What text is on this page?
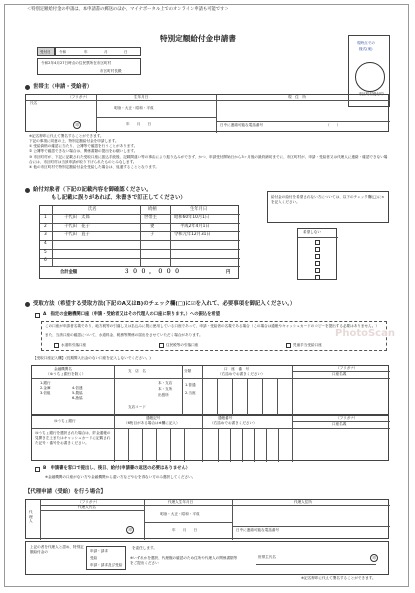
＜特別定額給付金の申請は、本申請書の郵送のほか、マイナポータル上でのオンライン申請も可能です＞
現時点での
様式(案)
市区町村受付印
特別定額給付金申請書
受付日 令和	年	月	日
令和2年4月27日時点の住民票所在市区町村
市区町村長殿
世帯主（申請・受給者）
（フリガナ）	生年月日	現　住　所
氏名
明治・大正・昭和・平成
年　　月　　日
印	日中に連絡可能な電話番号	（　　）
※記名押印に代えて署名することができます。
下記の事項に同意の上、特別定額給付金を申請します。
① 受給資格の確認に当たり、公簿等で確認を行うことがあります。
② 公簿等で確認できない場合は、関係書類の提出をお願いします。
③ 市区町村が、下記に記載された受取口座に振込手続後、記載間違い等の事由により振り込みができず、かつ、申請受付開始日から3ヶ月後の最終締切までに、市区町村が、申請・受給者又は代理人に連絡・確認できない場合には、市区町村は当該申請が取り下げられたものとみなします。
④ 他の市区町村で特別定額給付金を受給した場合は、返還することとなります。
給付対象者（下記の記載内容を御確認ください。
もし記載に誤りがあれば、朱書きで訂正してください）
氏名	続柄	生年月日
1	千代田　太郎	世帯主	昭和60年10月1日
2	千代田　花子	妻	平成2年4月1日
3	千代田　直子	子	令和元年12月31日
4
5
6
合計金額	３００，０００	円
給付金の給付を希望されない方については、以下のチェック欄(□)に×を記入ください。
希望しない
受取方法（希望する受取方法(下記のA又はB)のチェック欄(□)に☑を入れて、必要事項を御記入ください。）
A　指定の金融機関口座（申請・受給者又はその代理人の口座に限ります。）への振込を希望
この口座が申請者名義であり、地方税等の引落し又は払込みに既に使用している口座であって、申請・受給者の名義である場合（この場合は通帳やキャッシュカードのコピーを提出する必要はありません。）
また、当該口座の確認について、水道料金、税務等関係の届出をさせていただく場合があります。
水道料引落口座	住民税等の引落口座	児童手当受給口座
【受取口座記入欄】(長期間入出金のない口座を記入しないでください。)
金融機関名
（ゆうちょ銀行を除く）
支　店　名	分類	口　座　番　号
（右詰めでお書きください）
（フリガナ）
口座名義
1.銀行
2.金庫
3.信組
4.信連
5.農協
6.漁協
本・支店
本・支所
出張所
支店コード
1.普通
2.当座
ゆうちょ銀行
ゆうちょ銀行を選択された場合は、貯金通帳の見開き左上またはキャッシュカードに記載された記号・番号をお書きください。
通帳記号
（6桁目がある場合は※欄に記入）
通帳番号
（右詰めでお書きください）
（フリガナ）
口座名義
B　申請書を窓口で提出し、後日、給付(申請書の返送の必要はありません）
※金融機関の口座がない方や金融機関から遠い方などやむを得ない方のみ選択してください。
【代理申請（受給）を行う場合】
代理人
（フリガナ）
代理人氏名
代理人生年月日	代理人住所
明治・大正・昭和・平成
年　　月　　日	日中に連絡可能な電話番号
印
上記の者を代理人と認め、特別定額給付金の	申請・請求
受給
申請・請求及び受給
を委任します。
※いずれかを選択、代理権の確認のため住所や代理人の関係書類等をご提出ください
世帯主氏名	印
※記名押印に代えて署名することができます。
PhotoScan
